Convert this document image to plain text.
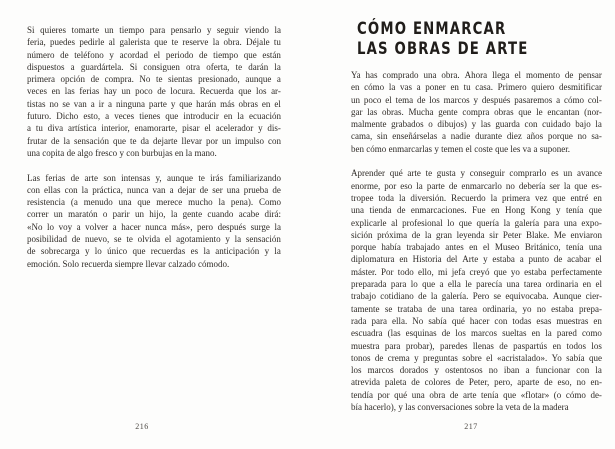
Si quieres tomarte un tiempo para pensarlo y seguir viendo la
feria, puedes pedirle al galerista que te reserve la obra. Déjale tu
número de teléfono y acordad el periodo de tiempo que están
dispuestos a guardártela. Si consiguen otra oferta, te darán la
primera opción de compra. No te sientas presionado, aunque a
veces en las ferias hay un poco de locura. Recuerda que los ar-
tistas no se van a ir a ninguna parte y que harán más obras en el
futuro. Dicho esto, a veces tienes que introducir en la ecuación
a tu diva artística interior, enamorarte, pisar el acelerador y dis-
frutar de la sensación que te da dejarte llevar por un impulso con
una copita de algo fresco y con burbujas en la mano.
Las ferias de arte son intensas y, aunque te irás familiarizando
con ellas con la práctica, nunca van a dejar de ser una prueba de
resistencia (a menudo una que merece mucho la pena). Como
correr un maratón o parir un hijo, la gente cuando acabe dirá:
«No lo voy a volver a hacer nunca más», pero después surge la
posibilidad de nuevo, se te olvida el agotamiento y la sensación
de sobrecarga y lo único que recuerdas es la anticipación y la
emoción. Solo recuerda siempre llevar calzado cómodo.
216
CÓMO ENMARCAR
LAS OBRAS DE ARTE
Ya has comprado una obra. Ahora llega el momento de pensar
en cómo la vas a poner en tu casa. Primero quiero desmitificar
un poco el tema de los marcos y después pasaremos a cómo col-
gar las obras. Mucha gente compra obras que le encantan (nor-
malmente grabados o dibujos) y las guarda con cuidado bajo la
cama, sin enseñárselas a nadie durante diez años porque no sa-
ben cómo enmarcarlas y temen el coste que les va a suponer.
Aprender qué arte te gusta y conseguir comprarlo es un avance
enorme, por eso la parte de enmarcarlo no debería ser la que es-
tropee toda la diversión. Recuerdo la primera vez que entré en
una tienda de enmarcaciones. Fue en Hong Kong y tenía que
explicarle al profesional lo que quería la galería para una expo-
sición próxima de la gran leyenda sir Peter Blake. Me enviaron
porque había trabajado antes en el Museo Británico, tenía una
diplomatura en Historia del Arte y estaba a punto de acabar el
máster. Por todo ello, mi jefa creyó que yo estaba perfectamente
preparada para lo que a ella le parecía una tarea ordinaria en el
trabajo cotidiano de la galería. Pero se equivocaba. Aunque cier-
tamente se trataba de una tarea ordinaria, yo no estaba prepa-
rada para ella. No sabía qué hacer con todas esas muestras en
escuadra (las esquinas de los marcos sueltas en la pared como
muestra para probar), paredes llenas de paspartús en todos los
tonos de crema y preguntas sobre el «acristalado». Yo sabía que
los marcos dorados y ostentosos no iban a funcionar con la
atrevida paleta de colores de Peter, pero, aparte de eso, no en-
tendía por qué una obra de arte tenía que «flotar» (o cómo de-
bía hacerlo), y las conversaciones sobre la veta de la madera
217
